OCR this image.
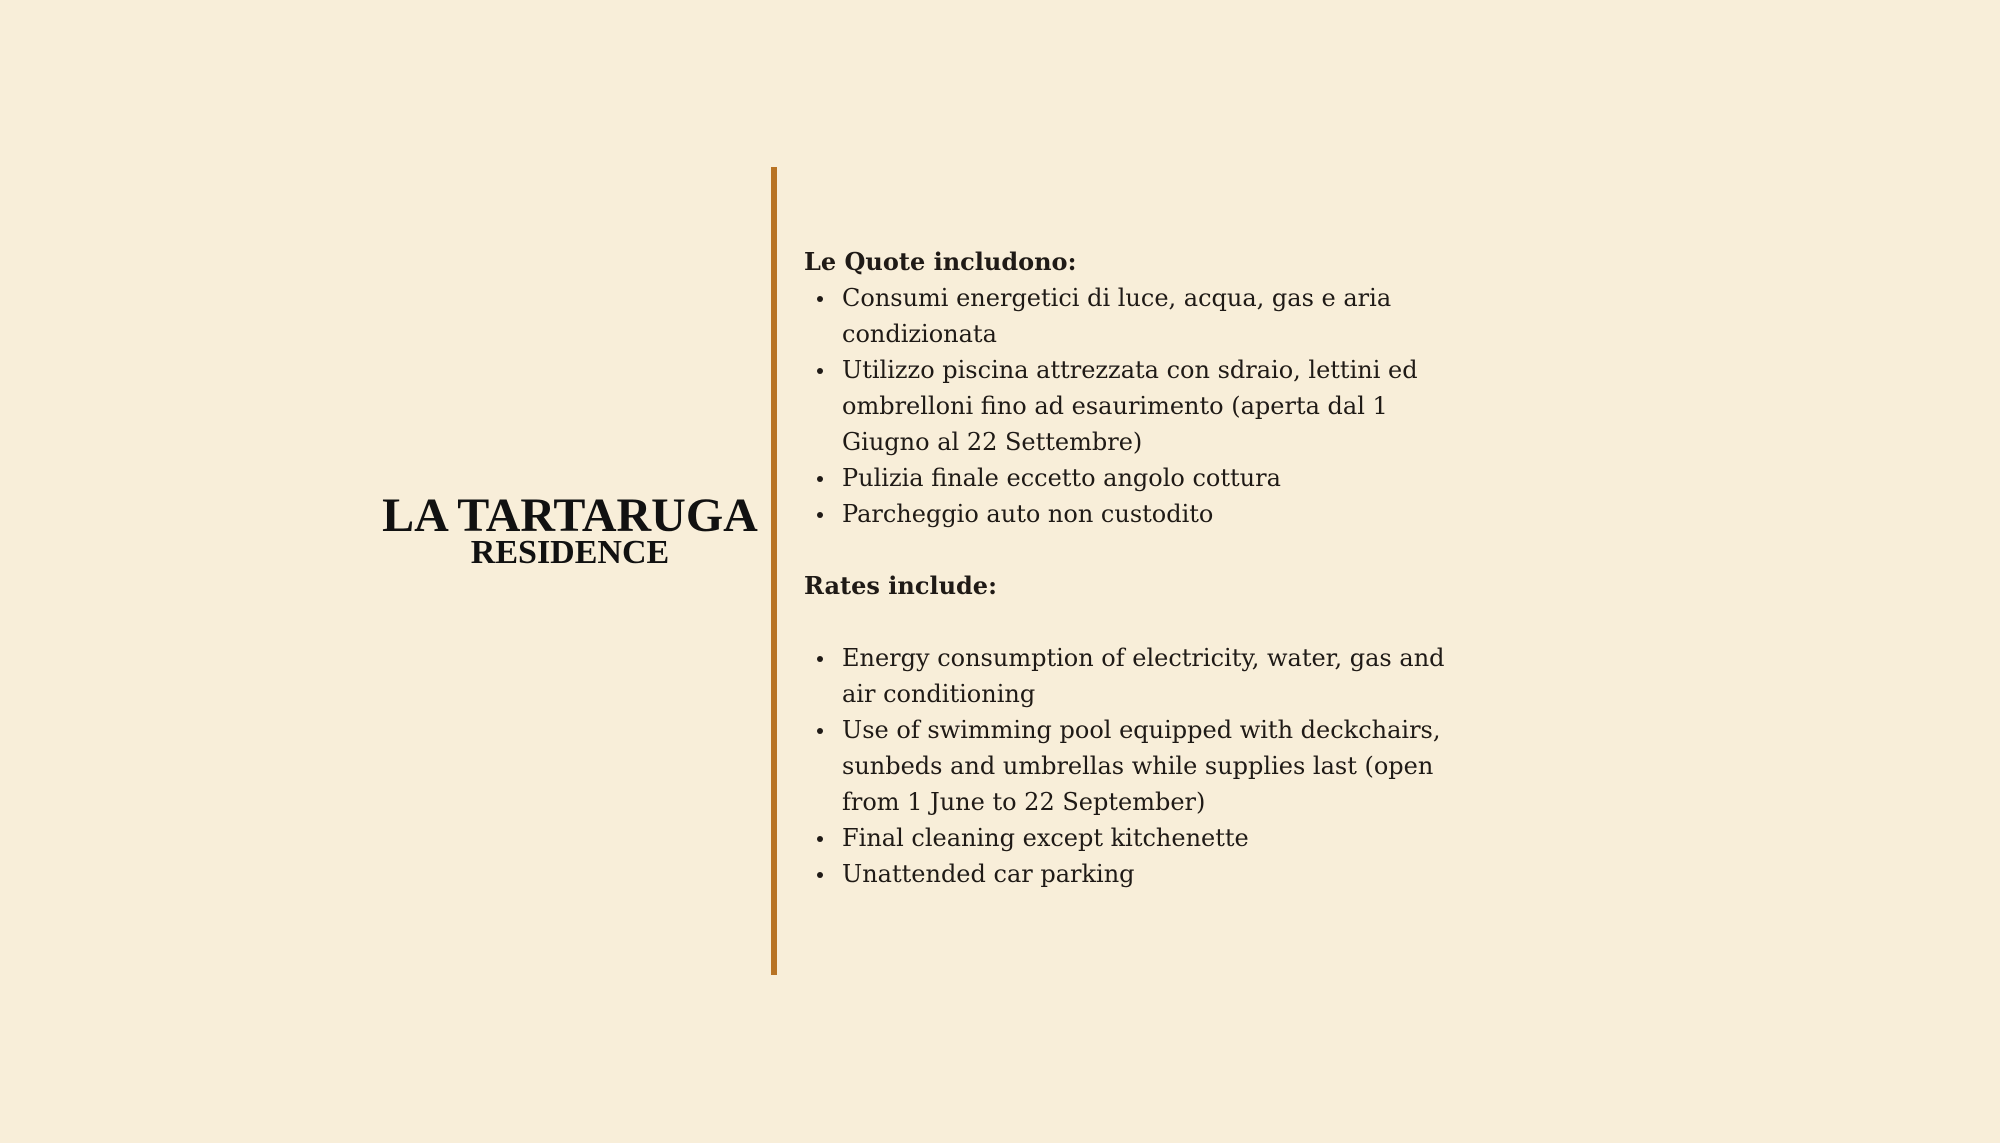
LA TARTARUGA
RESIDENCE
Le Quote includono:
Consumi energetici di luce, acqua, gas e aria condizionata
Utilizzo piscina attrezzata con sdraio, lettini ed ombrelloni fino ad esaurimento (aperta dal 1 Giugno al 22 Settembre)
Pulizia finale eccetto angolo cottura
Parcheggio auto non custodito
Rates include:
Energy consumption of electricity, water, gas and air conditioning
Use of swimming pool equipped with deckchairs, sunbeds and umbrellas while supplies last (open from 1 June to 22 September)
Final cleaning except kitchenette
Unattended car parking
